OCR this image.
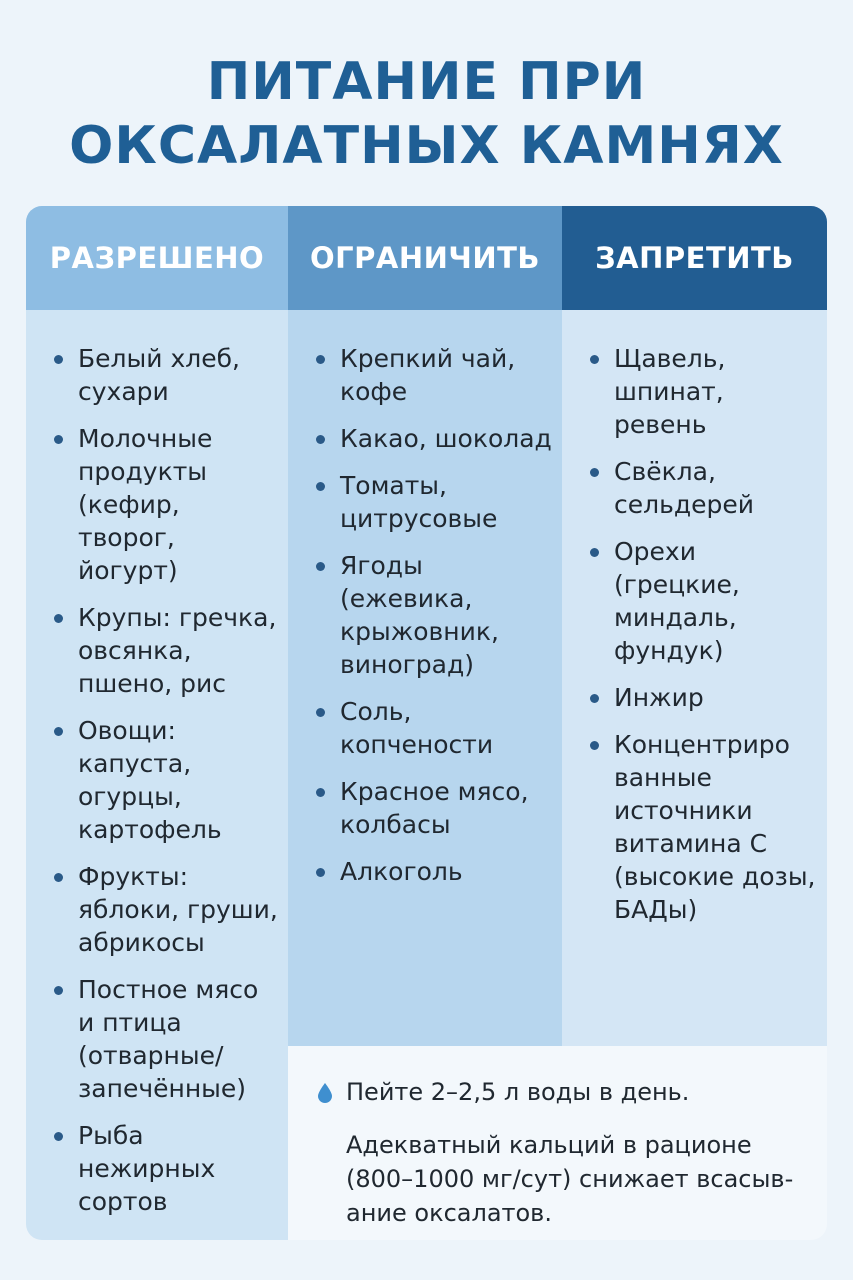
ПИТАНИЕ ПРИ
ОКСАЛАТНЫХ КАМНЯХ
РАЗРЕШЕНО
Белый хлеб, сухари
Молочные продукты (кефир, творог, йогурт)
Крупы: гречка, овсянка, пшено, рис
Овощи: капуста, огурцы, картофель
Фрукты: яблоки, груши, абрикосы
Постное мясо и птица (отварные/ запечённые)
Рыба нежирных сортов
ОГРАНИЧИТЬ
Крепкий чай, кофе
Какао, шоколад
Томаты, цитрусовые
Ягоды (ежевика, крыжовник, виноград)
Соль, копчености
Красное мясо, колбасы
Алкоголь
ЗАПРЕТИТЬ
Щавель, шпинат, ревень
Свёкла, сельдерей
Орехи (грецкие, миндаль, фундук)
Инжир
Концентриро ванные источники витамина С (высокие дозы, БАДы)

Пейте 2–2,5 л воды в день.

Адекватный кальций в рационе (800–1000 мг/сут) снижает всасыв-ание оксалатов.
